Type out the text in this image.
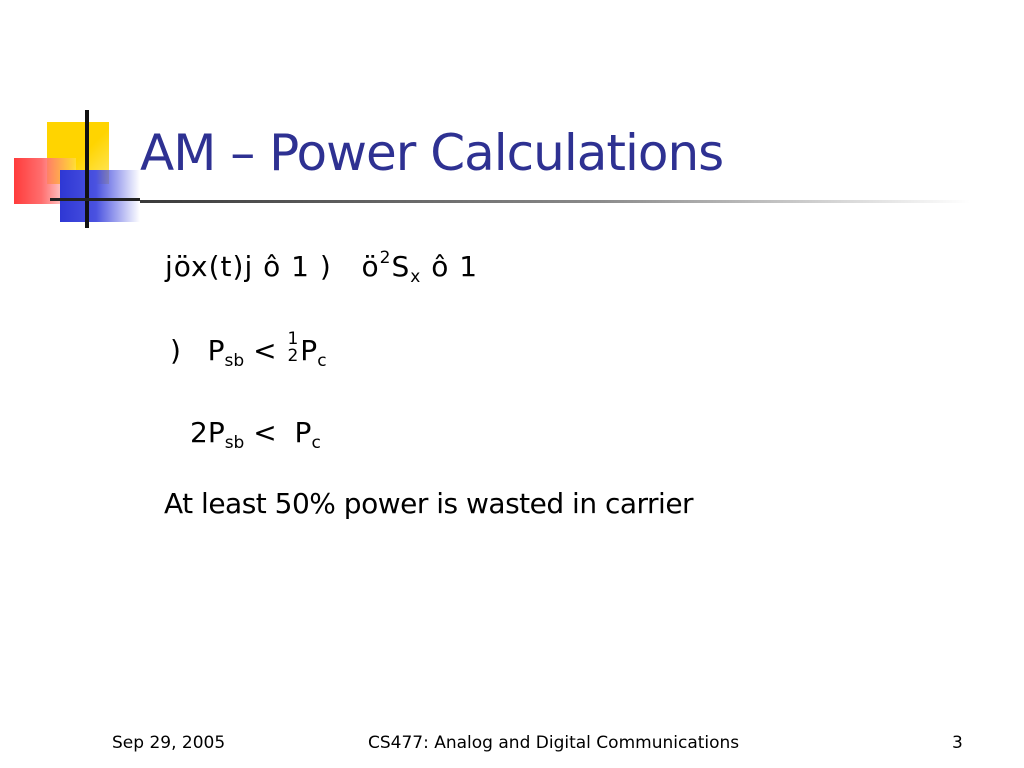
AM – Power Calculations
jöx(t)j ô 1 ) $ö^2S_x$ ô 1
) $P_{sb} < 1$
2 $P_c$
$2P_{sb} < P_c$
At least 50% power is wasted in carrier
Sep 29, 2005	CS477: Analog and Digital Communications	3
